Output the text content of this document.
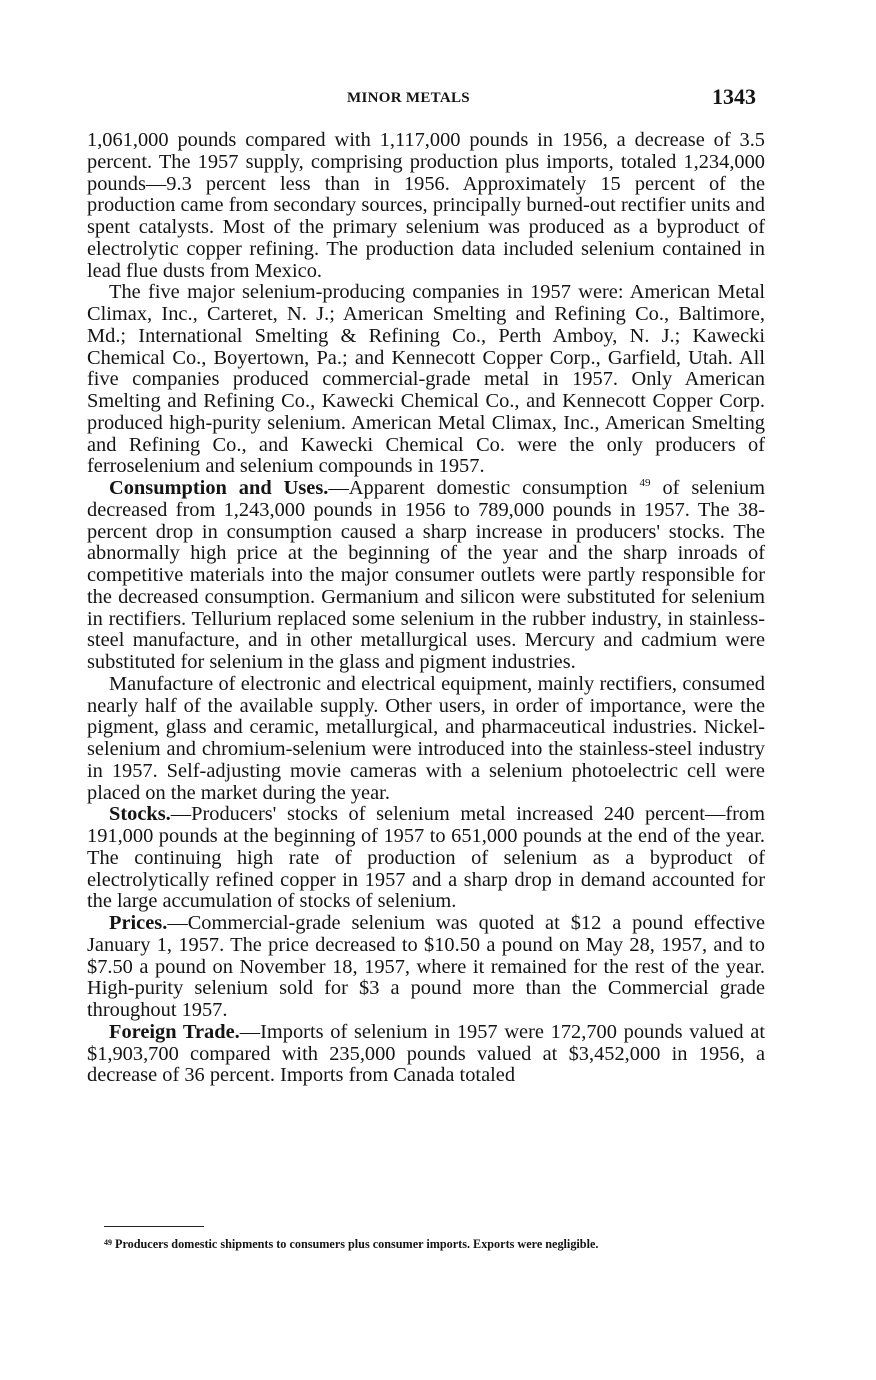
MINOR METALS	1343

1,061,000 pounds compared with 1,117,000 pounds in 1956, a decrease of 3.5 percent. The 1957 supply, comprising production plus imports, totaled 1,234,000 pounds—9.3 percent less than in 1956. Approximately 15 percent of the production came from secondary sources, principally burned-out rectifier units and spent catalysts. Most of the primary selenium was produced as a byproduct of electrolytic copper refining. The production data included selenium contained in lead flue dusts from Mexico.

The five major selenium-producing companies in 1957 were: American Metal Climax, Inc., Carteret, N. J.; American Smelting and Refining Co., Baltimore, Md.; International Smelting & Refining Co., Perth Amboy, N. J.; Kawecki Chemical Co., Boyertown, Pa.; and Kennecott Copper Corp., Garfield, Utah. All five companies produced commercial-grade metal in 1957. Only American Smelting and Refining Co., Kawecki Chemical Co., and Kennecott Copper Corp. produced high-purity selenium. American Metal Climax, Inc., American Smelting and Refining Co., and Kawecki Chemical Co. were the only producers of ferroselenium and selenium compounds in 1957.

Consumption and Uses.—Apparent domestic consumption $^{49}$ of selenium decreased from 1,243,000 pounds in 1956 to 789,000 pounds in 1957. The 38-percent drop in consumption caused a sharp increase in producers' stocks. The abnormally high price at the beginning of the year and the sharp inroads of competitive materials into the major consumer outlets were partly responsible for the decreased consumption. Germanium and silicon were substituted for selenium in rectifiers. Tellurium replaced some selenium in the rubber industry, in stainless-steel manufacture, and in other metallurgical uses. Mercury and cadmium were substituted for selenium in the glass and pigment industries.

Manufacture of electronic and electrical equipment, mainly rectifiers, consumed nearly half of the available supply. Other users, in order of importance, were the pigment, glass and ceramic, metallurgical, and pharmaceutical industries. Nickel-selenium and chromium-selenium were introduced into the stainless-steel industry in 1957. Self-adjusting movie cameras with a selenium photoelectric cell were placed on the market during the year.

Stocks.—Producers' stocks of selenium metal increased 240 percent—from 191,000 pounds at the beginning of 1957 to 651,000 pounds at the end of the year. The continuing high rate of production of selenium as a byproduct of electrolytically refined copper in 1957 and a sharp drop in demand accounted for the large accumulation of stocks of selenium.

Prices.—Commercial-grade selenium was quoted at $12 a pound effective January 1, 1957. The price decreased to $10.50 a pound on May 28, 1957, and to $7.50 a pound on November 18, 1957, where it remained for the rest of the year. High-purity selenium sold for $3 a pound more than the Commercial grade throughout 1957.

Foreign Trade.—Imports of selenium in 1957 were 172,700 pounds valued at $1,903,700 compared with 235,000 pounds valued at $3,452,000 in 1956, a decrease of 36 percent. Imports from Canada totaled

$^{49}$ Producers domestic shipments to consumers plus consumer imports. Exports were negligible.
